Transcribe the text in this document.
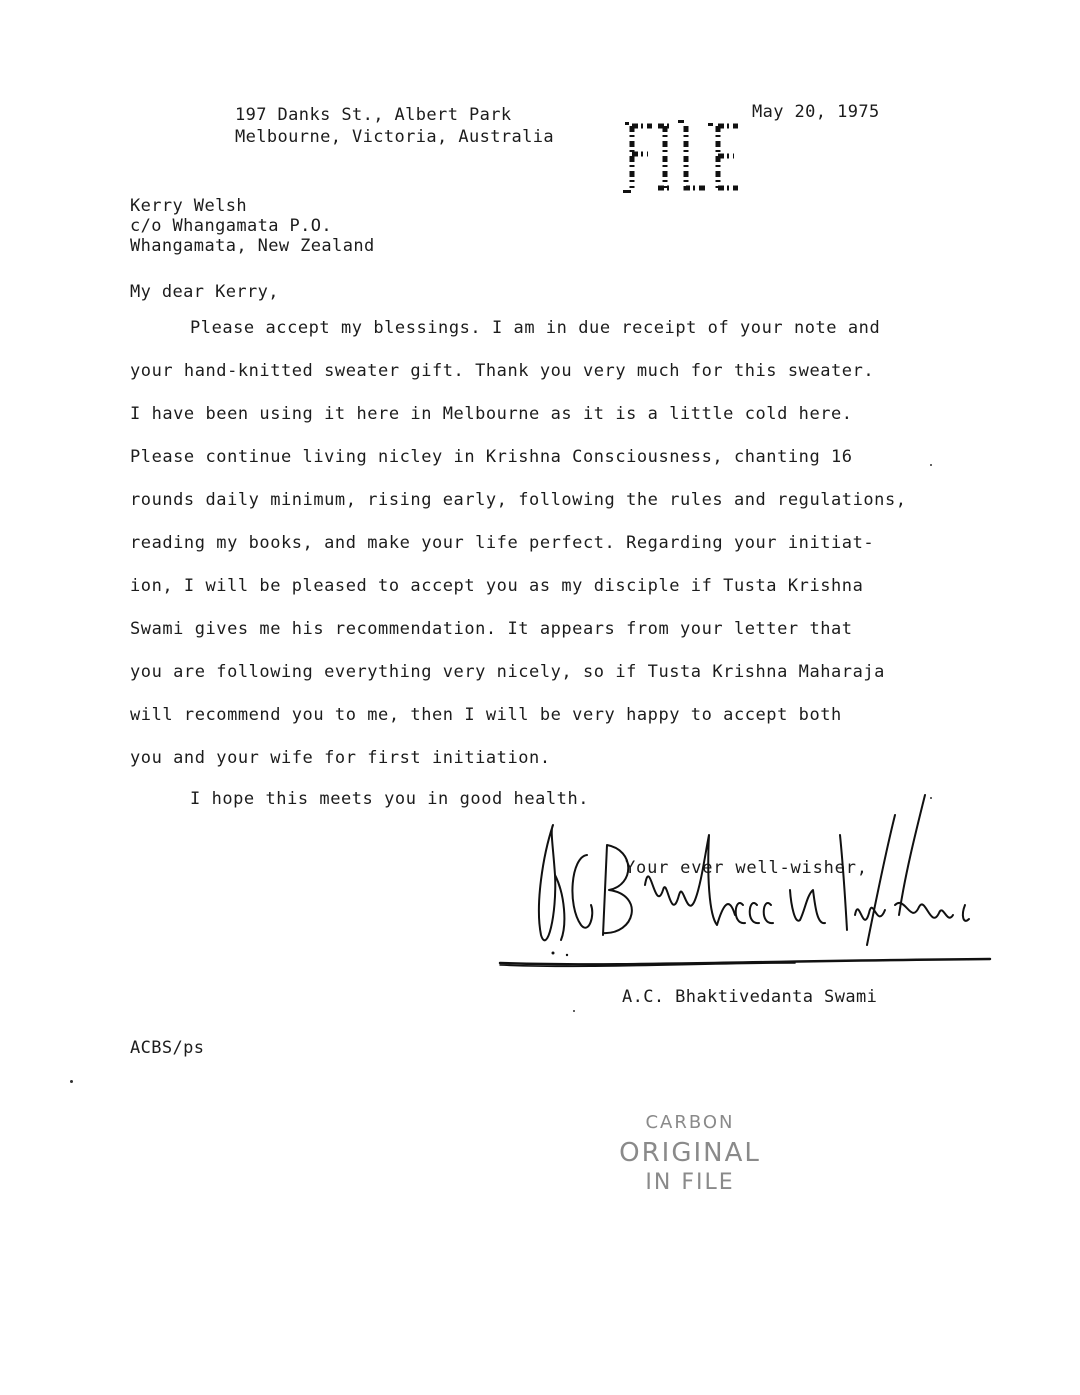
197 Danks St., Albert Park
Melbourne, Victoria, Australia
May 20, 1975
FILE
Kerry Welsh
c/o Whangamata P.O.
Whangamata, New Zealand
My dear Kerry,
Please accept my blessings. I am in due receipt of your note and
your hand-knitted sweater gift. Thank you very much for this sweater.
I have been using it here in Melbourne as it is a little cold here.
Please continue living nicley in Krishna Consciousness, chanting 16
rounds daily minimum, rising early, following the rules and regulations,
reading my books, and make your life perfect. Regarding your initiat-
ion, I will be pleased to accept you as my disciple if Tusta Krishna
Swami gives me his recommendation. It appears from your letter that
you are following everything very nicely, so if Tusta Krishna Maharaja
will recommend you to me, then I will be very happy to accept both
you and your wife for first initiation.
I hope this meets you in good health.
Your ever well-wisher,
A.C. Bhaktivedanta Swami
A.C. Bhaktivedanta Swami
ACBS/ps
CARBON
ORIGINAL
IN FILE
